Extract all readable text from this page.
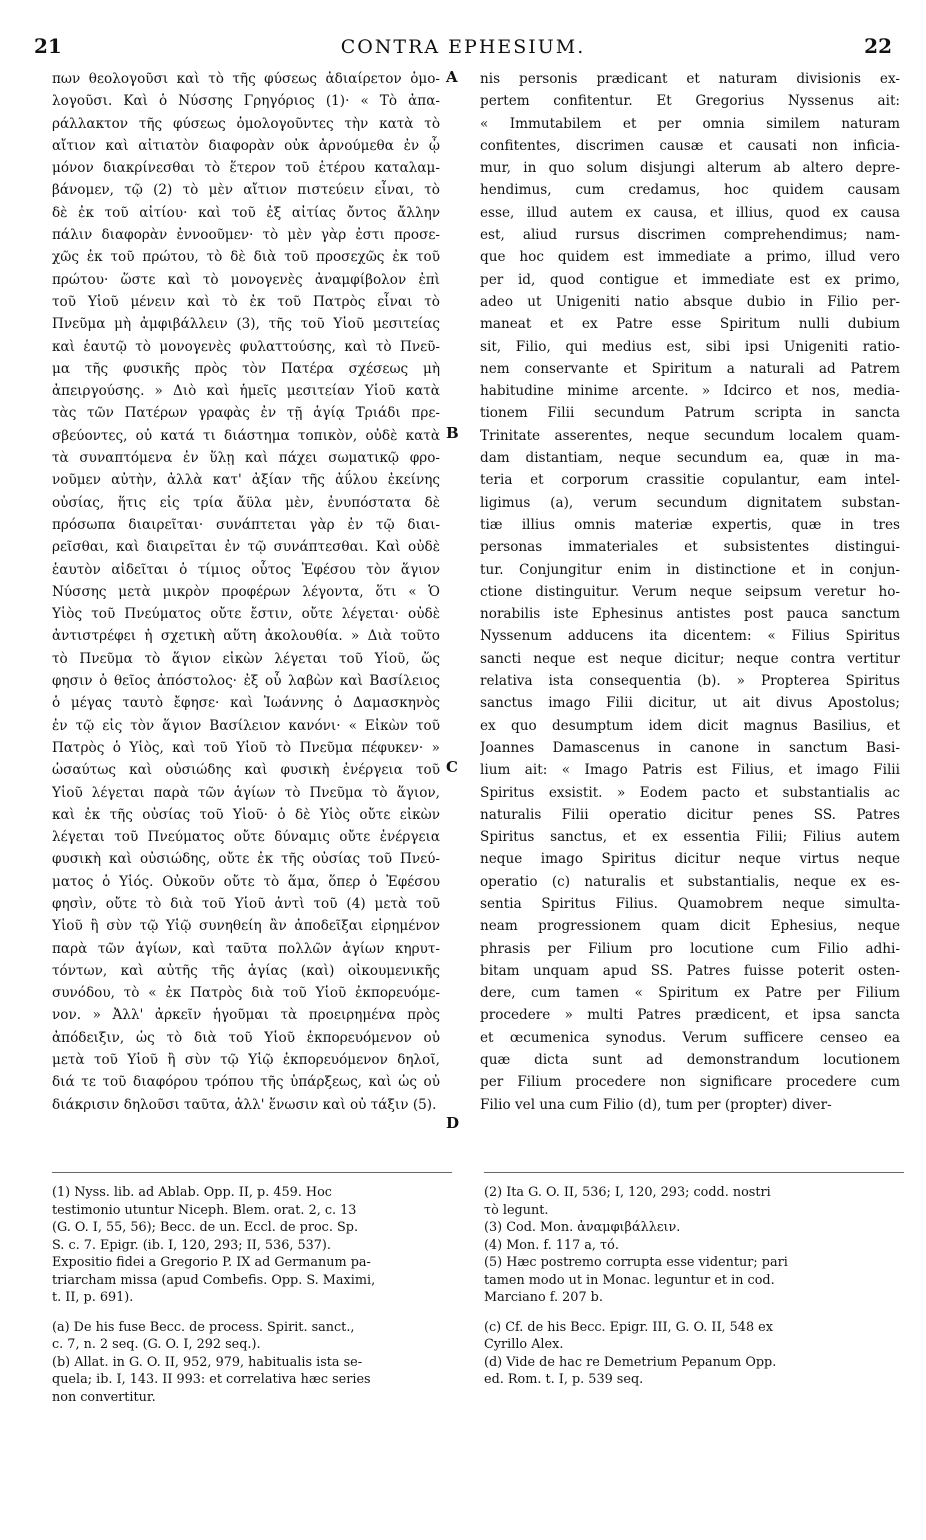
21	CONTRA EPHESIUM.	22
πων θεολογοῦσι καὶ τὸ τῆς φύσεως ἀδιαίρετον ὁμο-
λογοῦσι. Καὶ ὁ Νύσσης Γρηγόριος (1)· « Τὸ ἀπα-
ράλλακτον τῆς φύσεως ὁμολογοῦντες τὴν κατὰ τὸ
αἴτιον καὶ αἰτιατὸν διαφορὰν οὐκ ἀρνούμεθα ἐν ᾧ
μόνον διακρίνεσθαι τὸ ἕτερον τοῦ ἑτέρου καταλαμ-
βάνομεν, τῷ (2) τὸ μὲν αἴτιον πιστεύειν εἶναι, τὸ
δὲ ἐκ τοῦ αἰτίου· καὶ τοῦ ἐξ αἰτίας ὄντος ἄλλην
πάλιν διαφορὰν ἐννοοῦμεν· τὸ μὲν γὰρ ἐστι προσε-
χῶς ἐκ τοῦ πρώτου, τὸ δὲ διὰ τοῦ προσεχῶς ἐκ τοῦ
πρώτου· ὥστε καὶ τὸ μονογενὲς ἀναμφίβολον ἐπὶ
τοῦ Υἱοῦ μένειν καὶ τὸ ἐκ τοῦ Πατρὸς εἶναι τὸ
Πνεῦμα μὴ ἀμφιβάλλειν (3), τῆς τοῦ Υἱοῦ μεσιτείας
καὶ ἑαυτῷ τὸ μονογενὲς φυλαττούσης, καὶ τὸ Πνεῦ-
μα τῆς φυσικῆς πρὸς τὸν Πατέρα σχέσεως μὴ
ἀπειργούσης. » Διὸ καὶ ἡμεῖς μεσιτείαν Υἱοῦ κατὰ
τὰς τῶν Πατέρων γραφὰς ἐν τῇ ἁγίᾳ Τριάδι πρε-
σβεύοντες, οὐ κατά τι διάστημα τοπικὸν, οὐδὲ κατὰ
τὰ συναπτόμενα ἐν ὕλῃ καὶ πάχει σωματικῷ φρο-
νοῦμεν αὐτὴν, ἀλλὰ κατ' ἀξίαν τῆς ἀΰλου ἐκείνης
οὐσίας, ἥτις εἰς τρία ἄϋλα μὲν, ἐνυπόστατα δὲ
πρόσωπα διαιρεῖται· συνάπτεται γὰρ ἐν τῷ διαι-
ρεῖσθαι, καὶ διαιρεῖται ἐν τῷ συνάπτεσθαι. Καὶ οὐδὲ
ἑαυτὸν αἰδεῖται ὁ τίμιος οὗτος Ἐφέσου τὸν ἅγιον
Νύσσης μετὰ μικρὸν προφέρων λέγοντα, ὅτι « Ὁ
Υἱὸς τοῦ Πνεύματος οὔτε ἔστιν, οὔτε λέγεται· οὐδὲ
ἀντιστρέφει ἡ σχετικὴ αὕτη ἀκολουθία. » Διὰ τοῦτο
τὸ Πνεῦμα τὸ ἅγιον εἰκὼν λέγεται τοῦ Υἱοῦ, ὥς
φησιν ὁ θεῖος ἀπόστολος· ἐξ οὗ λαβὼν καὶ Βασίλειος
ὁ μέγας ταυτὸ ἔφησε· καὶ Ἰωάννης ὁ Δαμασκηνὸς
ἐν τῷ εἰς τὸν ἅγιον Βασίλειον κανόνι· « Εἰκὼν τοῦ
Πατρὸς ὁ Υἱὸς, καὶ τοῦ Υἱοῦ τὸ Πνεῦμα πέφυκεν· »
ὡσαύτως καὶ οὐσιώδης καὶ φυσικὴ ἐνέργεια τοῦ
Υἱοῦ λέγεται παρὰ τῶν ἁγίων τὸ Πνεῦμα τὸ ἅγιον,
καὶ ἐκ τῆς οὐσίας τοῦ Υἱοῦ· ὁ δὲ Υἱὸς οὔτε εἰκὼν
λέγεται τοῦ Πνεύματος οὔτε δύναμις οὔτε ἐνέργεια
φυσικὴ καὶ οὐσιώδης, οὔτε ἐκ τῆς οὐσίας τοῦ Πνεύ-
ματος ὁ Υἱός. Οὐκοῦν οὔτε τὸ ἅμα, ὅπερ ὁ Ἐφέσου
φησὶν, οὔτε τὸ διὰ τοῦ Υἱοῦ ἀντὶ τοῦ (4) μετὰ τοῦ
Υἱοῦ ἢ σὺν τῷ Υἱῷ συνηθείη ἂν ἀποδεῖξαι εἰρημένον
παρὰ τῶν ἁγίων, καὶ ταῦτα πολλῶν ἁγίων κηρυτ-
τόντων, καὶ αὐτῆς τῆς ἁγίας (καὶ) οἰκουμενικῆς
συνόδου, τὸ « ἐκ Πατρὸς διὰ τοῦ Υἱοῦ ἐκπορευόμε-
νον. » Ἀλλ' ἀρκεῖν ἡγοῦμαι τὰ προειρημένα πρὸς
ἀπόδειξιν, ὡς τὸ διὰ τοῦ Υἱοῦ ἐκπορευόμενον οὐ
μετὰ τοῦ Υἱοῦ ἢ σὺν τῷ Υἱῷ ἐκπορευόμενον δηλοῖ,
διά τε τοῦ διαφόρου τρόπου τῆς ὑπάρξεως, καὶ ὡς οὐ
διάκρισιν δηλοῦσι ταῦτα, ἀλλ' ἕνωσιν καὶ οὐ τάξιν (5).
nis personis prædicant et naturam divisionis ex-
pertem confitentur. Et Gregorius Nyssenus ait:
« Immutabilem et per omnia similem naturam
confitentes, discrimen causæ et causati non inficia-
mur, in quo solum disjungi alterum ab altero depre-
hendimus, cum credamus, hoc quidem causam
esse, illud autem ex causa, et illius, quod ex causa
est, aliud rursus discrimen comprehendimus; nam-
que hoc quidem est immediate a primo, illud vero
per id, quod contigue et immediate est ex primo,
adeo ut Unigeniti natio absque dubio in Filio per-
maneat et ex Patre esse Spiritum nulli dubium
sit, Filio, qui medius est, sibi ipsi Unigeniti ratio-
nem conservante et Spiritum a naturali ad Patrem
habitudine minime arcente. » Idcirco et nos, media-
tionem Filii secundum Patrum scripta in sancta
Trinitate asserentes, neque secundum localem quam-
dam distantiam, neque secundum ea, quæ in ma-
teria et corporum crassitie copulantur, eam intel-
ligimus (a), verum secundum dignitatem substan-
tiæ illius omnis materiæ expertis, quæ in tres
personas immateriales et subsistentes distingui-
tur. Conjungitur enim in distinctione et in conjun-
ctione distinguitur. Verum neque seipsum veretur ho-
norabilis iste Ephesinus antistes post pauca sanctum
Nyssenum adducens ita dicentem: « Filius Spiritus
sancti neque est neque dicitur; neque contra vertitur
relativa ista consequentia (b). » Propterea Spiritus
sanctus imago Filii dicitur, ut ait divus Apostolus;
ex quo desumptum idem dicit magnus Basilius, et
Joannes Damascenus in canone in sanctum Basi-
lium ait: « Imago Patris est Filius, et imago Filii
Spiritus exsistit. » Eodem pacto et substantialis ac
naturalis Filii operatio dicitur penes SS. Patres
Spiritus sanctus, et ex essentia Filii; Filius autem
neque imago Spiritus dicitur neque virtus neque
operatio (c) naturalis et substantialis, neque ex es-
sentia Spiritus Filius. Quamobrem neque simulta-
neam progressionem quam dicit Ephesius, neque
phrasis per Filium pro locutione cum Filio adhi-
bitam unquam apud SS. Patres fuisse poterit osten-
dere, cum tamen « Spiritum ex Patre per Filium
procedere » multi Patres prædicent, et ipsa sancta
et œcumenica synodus. Verum sufficere censeo ea
quæ dicta sunt ad demonstrandum locutionem
per Filium procedere non significare procedere cum
Filio vel una cum Filio (d), tum per (propter) diver-
A
B
C
D
(1) Nyss. lib. ad Ablab. Opp. II, p. 459. Hoc
testimonio utuntur Niceph. Blem. orat. 2, c. 13
(G. O. I, 55, 56); Becc. de un. Eccl. de proc. Sp.
S. c. 7. Epigr. (ib. I, 120, 293; II, 536, 537).
Expositio fidei a Gregorio P. IX ad Germanum pa-
triarcham missa (apud Combefis. Opp. S. Maximi,
t. II, p. 691).
(a) De his fuse Becc. de process. Spirit. sanct.,
c. 7, n. 2 seq. (G. O. I, 292 seq.).
(b) Allat. in G. O. II, 952, 979, habitualis ista se-
quela; ib. I, 143. II 993: et correlativa hæc series
non convertitur.
(2) Ita G. O. II, 536; I, 120, 293; codd. nostri
τὸ legunt.
(3) Cod. Mon. ἀναμφιβάλλειν.
(4) Mon. f. 117 a, τό.
(5) Hæc postremo corrupta esse videntur; pari
tamen modo ut in Monac. leguntur et in cod.
Marciano f. 207 b.
(c) Cf. de his Becc. Epigr. III, G. O. II, 548 ex
Cyrillo Alex.
(d) Vide de hac re Demetrium Pepanum Opp.
ed. Rom. t. I, p. 539 seq.
